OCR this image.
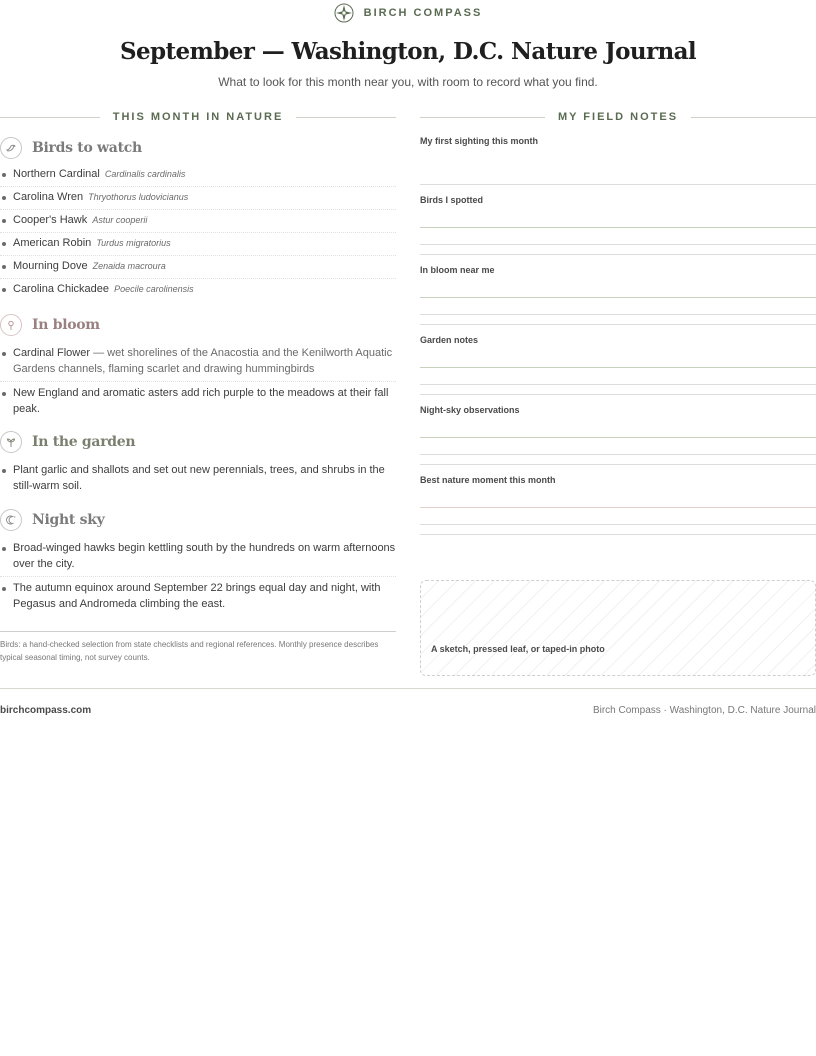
BIRCH COMPASS
September — Washington, D.C. Nature Journal
What to look for this month near you, with room to record what you find.
THIS MONTH IN NATURE	MY FIELD NOTES
Birds to watch
Northern Cardinal Cardinalis cardinalis
Carolina Wren Thryothorus ludovicianus
Cooper's Hawk Astur cooperii
American Robin Turdus migratorius
Mourning Dove Zenaida macroura
Carolina Chickadee Poecile carolinensis
In bloom
Cardinal Flower — wet shorelines of the Anacostia and the Kenilworth Aquatic Gardens channels, flaming scarlet and drawing hummingbirds
New England and aromatic asters add rich purple to the meadows at their fall peak.
In the garden
Plant garlic and shallots and set out new perennials, trees, and shrubs in the still-warm soil.
Night sky
Broad-winged hawks begin kettling south by the hundreds on warm afternoons over the city.
The autumn equinox around September 22 brings equal day and night, with Pegasus and Andromeda climbing the east.
Birds: a hand-checked selection from state checklists and regional references. Monthly presence describes typical seasonal timing, not survey counts.
My first sighting this month
Birds I spotted
In bloom near me
Garden notes
Night-sky observations
Best nature moment this month
A sketch, pressed leaf, or taped-in photo
birchcompass.com	Birch Compass · Washington, D.C. Nature Journal
